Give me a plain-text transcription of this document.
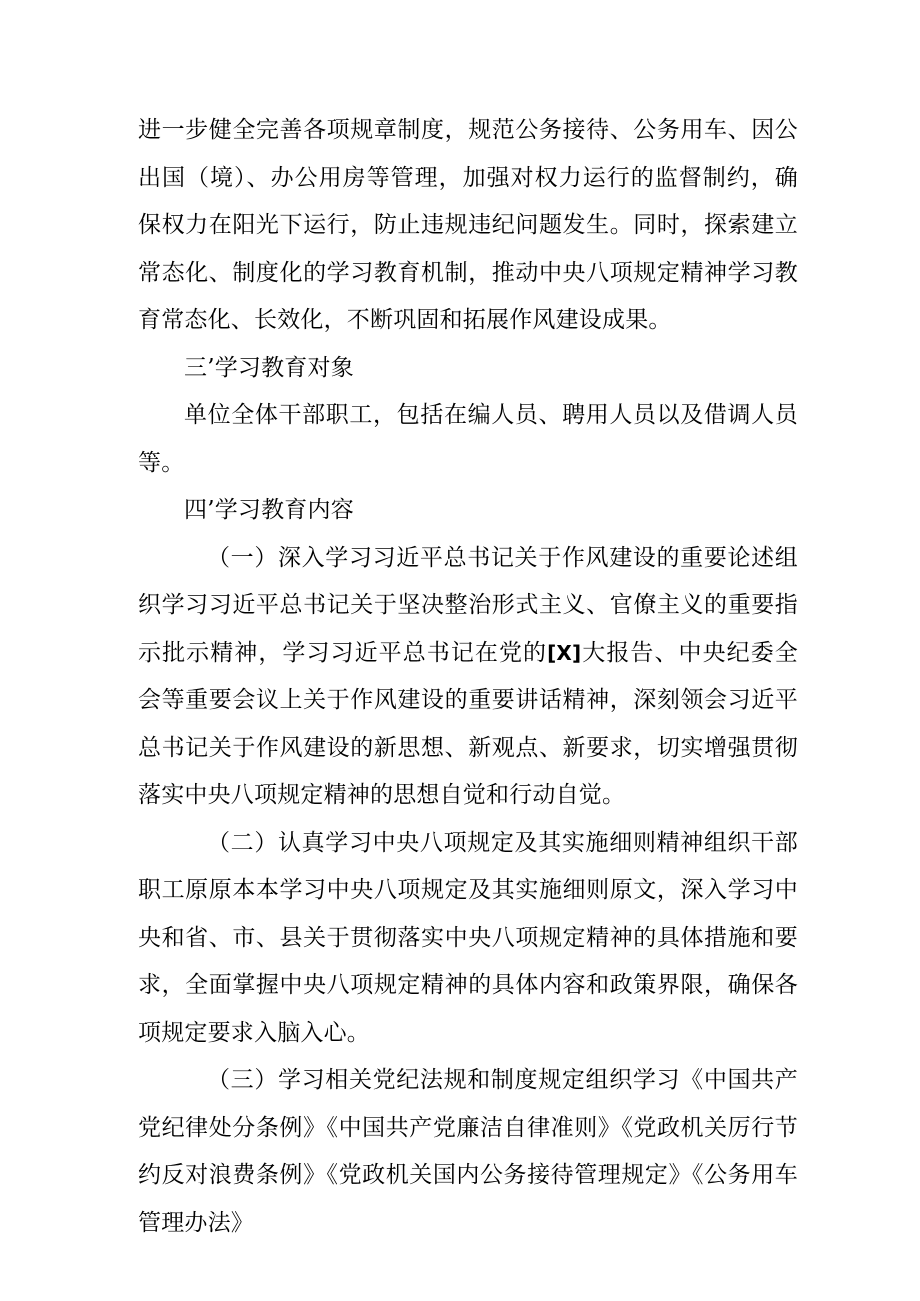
进一步健全完善各项规章制度，规范公务接待、公务用车、因公出国（境）、办公用房等管理，加强对权力运行的监督制约，确保权力在阳光下运行，防止违规违纪问题发生。同时，探索建立常态化、制度化的学习教育机制，推动中央八项规定精神学习教育常态化、长效化，不断巩固和拓展作风建设成果。

三’学习教育对象

单位全体干部职工，包括在编人员、聘用人员以及借调人员等。

四’学习教育内容

（一）深入学习习近平总书记关于作风建设的重要论述组织学习习近平总书记关于坚决整治形式主义、官僚主义的重要指示批示精神，学习习近平总书记在党的[X]大报告、中央纪委全会等重要会议上关于作风建设的重要讲话精神，深刻领会习近平总书记关于作风建设的新思想、新观点、新要求，切实增强贯彻落实中央八项规定精神的思想自觉和行动自觉。

（二）认真学习中央八项规定及其实施细则精神组织干部职工原原本本学习中央八项规定及其实施细则原文，深入学习中央和省、市、县关于贯彻落实中央八项规定精神的具体措施和要求，全面掌握中央八项规定精神的具体内容和政策界限，确保各项规定要求入脑入心。

（三）学习相关党纪法规和制度规定组织学习《中国共产党纪律处分条例》《中国共产党廉洁自律准则》《党政机关厉行节约反对浪费条例》《党政机关国内公务接待管理规定》《公务用车管理办法》
